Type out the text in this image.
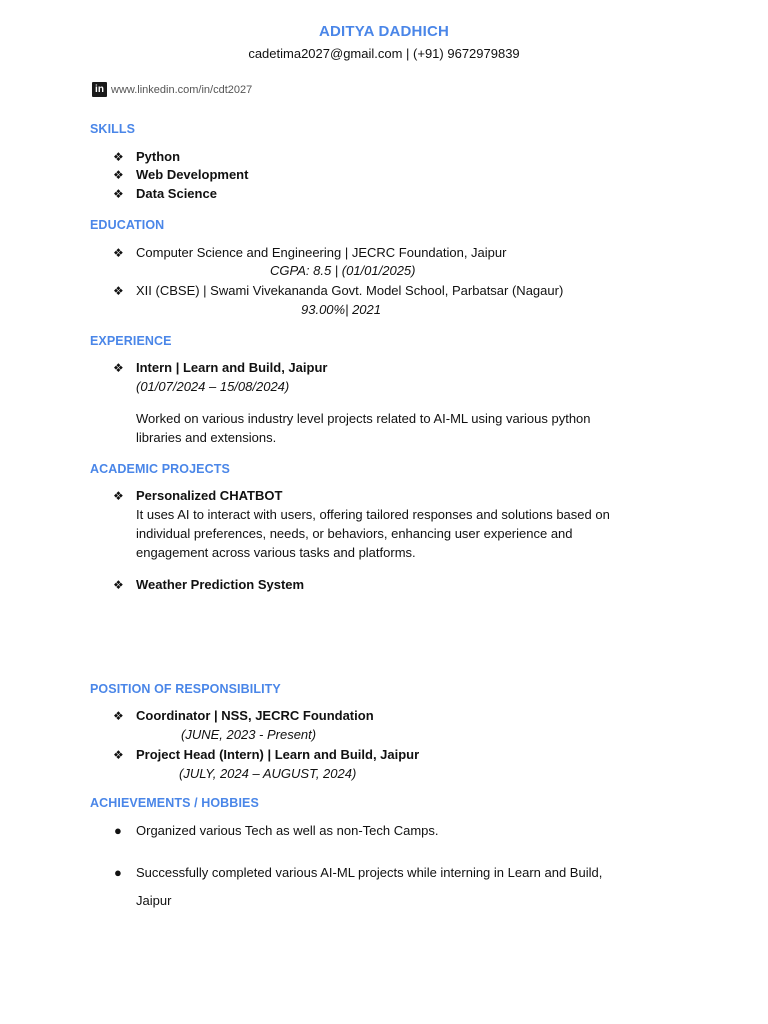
ADITYA DADHICH
cadetima2027@gmail.com | (+91) 9672979839
in www.linkedin.com/in/cdt2027
SKILLS
❖ Python
❖ Web Development
❖ Data Science
EDUCATION
❖ Computer Science and Engineering | JECRC Foundation, Jaipur
CGPA: 8.5 | (01/01/2025)
❖ XII (CBSE) | Swami Vivekananda Govt. Model School, Parbatsar (Nagaur)
93.00%| 2021
EXPERIENCE
❖ Intern | Learn and Build, Jaipur
(01/07/2024 – 15/08/2024)
Worked on various industry level projects related to AI-ML using various python
libraries and extensions.
ACADEMIC PROJECTS
❖ Personalized CHATBOT
It uses AI to interact with users, offering tailored responses and solutions based on
individual preferences, needs, or behaviors, enhancing user experience and
engagement across various tasks and platforms.
❖ Weather Prediction System
POSITION OF RESPONSIBILITY
❖ Coordinator | NSS, JECRC Foundation
(JUNE, 2023 - Present)
❖ Project Head (Intern) | Learn and Build, Jaipur
(JULY, 2024 – AUGUST, 2024)
ACHIEVEMENTS / HOBBIES
● Organized various Tech as well as non-Tech Camps.
● Successfully completed various AI-ML projects while interning in Learn and Build,
Jaipur
